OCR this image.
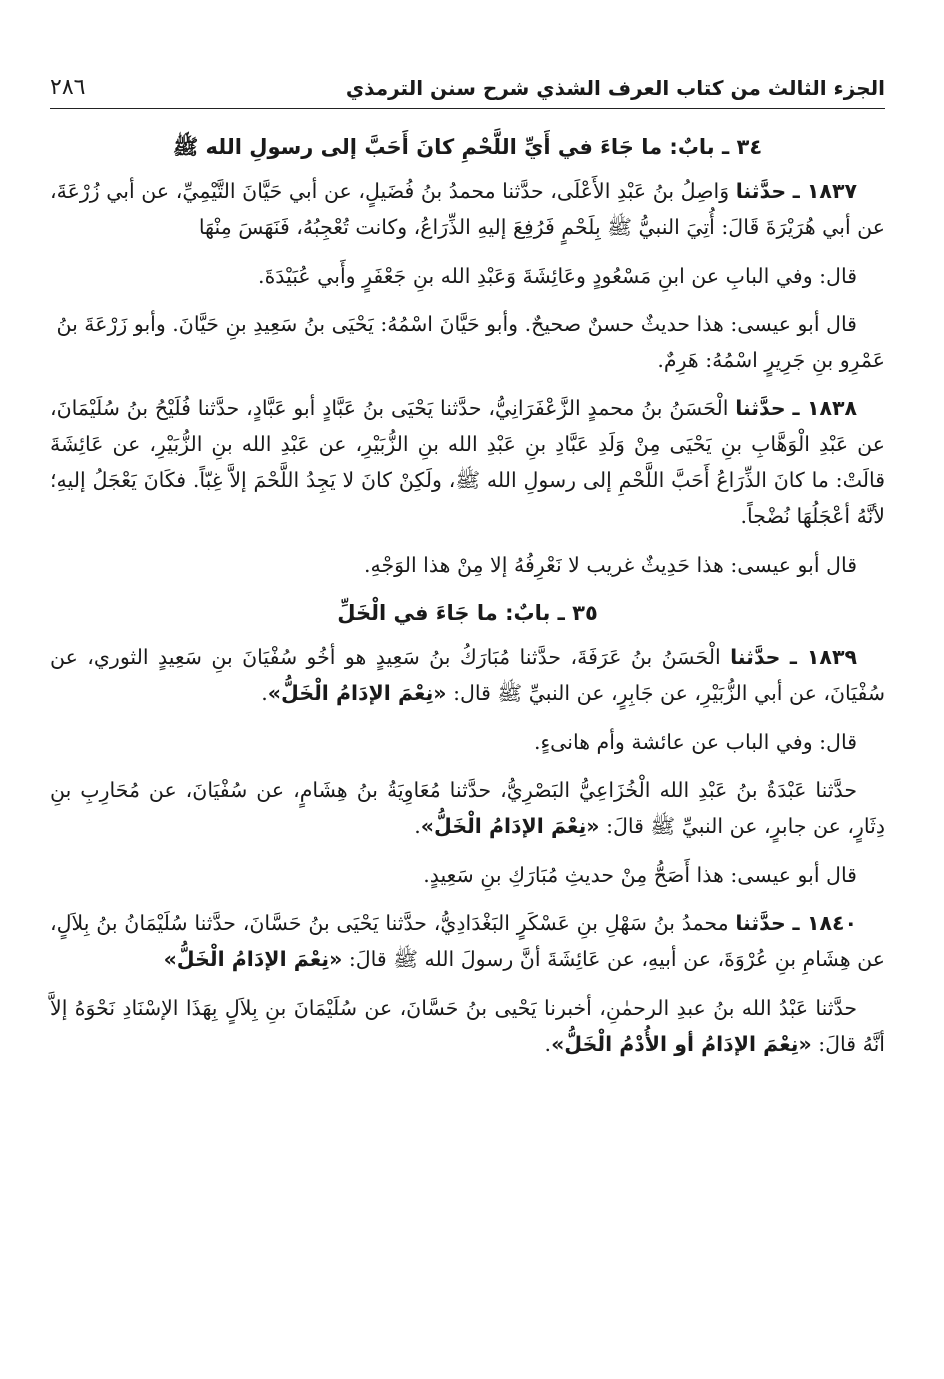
الجزء الثالث من كتاب العرف الشذي شرح سنن الترمذي
٢٨٦
٣٤ ـ بابٌ: ما جَاءَ في أَيِّ اللَّحْمِ كانَ أَحَبَّ إلى رسولِ الله ﷺ

١٨٣٧ ـ حدَّثنا وَاصِلُ بنُ عَبْدِ الأَعْلَى، حدَّثنا محمدُ بنُ فُضَيلٍ، عن أبي حَيَّانَ التَّيْمِيِّ، عن أبي زُرْعَةَ، عن أبي هُرَيْرَةَ قَالَ: أُتِيَ النبيُّ ﷺ بِلَحْمٍ فَرُفِعَ إليهِ الذِّرَاعُ، وكانت تُعْجِبُهُ، فَنَهَسَ مِنْهَا

قال: وفي البابِ عن ابنِ مَسْعُودٍ وعَائِشَةَ وَعَبْدِ الله بنِ جَعْفَرٍ وأَبي عُبَيْدَةَ.

قال أبو عيسى: هذا حديثٌ حسنٌ صحيحٌ. وأبو حَيَّانَ اسْمُهُ: يَحْيَى بنُ سَعِيدِ بنِ حَيَّانَ. وأبو زَرْعَةَ بنُ عَمْرِو بنِ جَرِيرٍ اسْمُهُ: هَرِمٌ.

١٨٣٨ ـ حدَّثنا الْحَسَنُ بنُ محمدٍ الزَّعْفَرَانِيُّ، حدَّثنا يَحْيَى بنُ عَبَّادٍ أبو عَبَّادٍ، حدَّثنا فُلَيْحُ بنُ سُلَيْمَانَ، عن عَبْدِ الْوَهَّابِ بنِ يَحْيَى مِنْ وَلَدِ عَبَّادِ بنِ عَبْدِ الله بنِ الزُّبَيْرِ، عن عَبْدِ الله بنِ الزُّبَيْرِ، عن عَائِشَةَ قالَتْ: ما كانَ الذِّرَاعُ أَحَبَّ اللَّحْمِ إلى رسولِ الله ﷺ، ولَكِنْ كانَ لا يَجِدُ اللَّحْمَ إلاَّ غِبّاً. فكَانَ يَعْجَلُ إليهِ؛ لأنَّهُ أعْجَلُهَا نُضْجاً.

قال أبو عيسى: هذا حَدِيثٌ غريب لا نَعْرِفُهُ إلا مِنْ هذا الوَجْهِ.

٣٥ ـ بابٌ: ما جَاءَ في الْخَلِّ

١٨٣٩ ـ حدَّثنا الْحَسَنُ بنُ عَرَفَةَ، حدَّثنا مُبَارَكُ بنُ سَعِيدٍ هو أخُو سُفْيَانَ بنِ سَعِيدٍ الثوري، عن سُفْيَانَ، عن أبي الزُّبَيْرِ، عن جَابِرٍ، عن النبيِّ ﷺ قال: «نِعْمَ الإدَامُ الْخَلُّ».

قال: وفي الباب عن عائشة وأم هانىءٍ.

حدَّثنا عَبْدَةُ بنُ عَبْدِ الله الْخُزَاعِيُّ البَصْرِيُّ، حدَّثنا مُعَاوِيَةُ بنُ هِشَامٍ، عن سُفْيَانَ، عن مُحَارِبِ بنِ دِثَارٍ، عن جابرٍ، عن النبيِّ ﷺ قالَ: «نِعْمَ الإدَامُ الْخَلُّ».

قال أبو عيسى: هذا أَصَحُّ مِنْ حديثِ مُبَارَكِ بنِ سَعِيدٍ.

١٨٤٠ ـ حدَّثنا محمدُ بنُ سَهْلِ بنِ عَسْكَرٍ البَغْدَادِيُّ، حدَّثنا يَحْيَى بنُ حَسَّانَ، حدَّثنا سُلَيْمَانُ بنُ بِلاَلٍ، عن هِشَامِ بنِ عُرْوَةَ، عن أبيهِ، عن عَائِشَةَ أنَّ رسولَ الله ﷺ قالَ: «نِعْمَ الإدَامُ الْخَلُّ»

حدَّثنا عَبْدُ الله بنُ عبدِ الرحمٰنِ، أخبرنا يَحْيى بنُ حَسَّانَ، عن سُلَيْمَانَ بنِ بِلاَلٍ بِهَذَا الإسْنَادِ نَحْوَهُ إلاَّ أنَّهُ قالَ: «نِعْمَ الإدَامُ أو الأُدْمُ الْخَلُّ».
